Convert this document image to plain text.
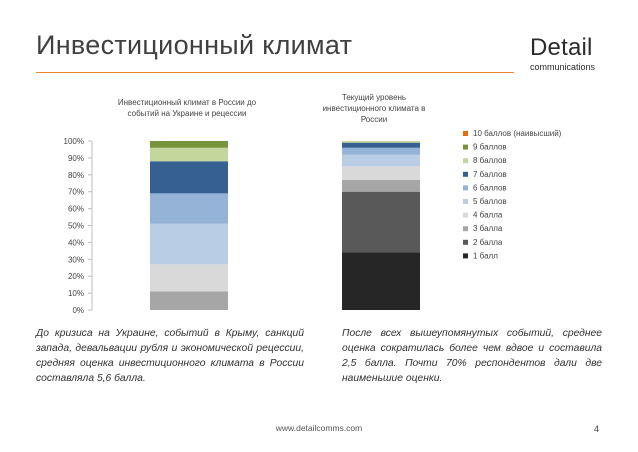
Инвестиционный климат	Detail
communications
Инвестиционный климат в России до событий на Украине и рецессии
Текущий уровень инвестиционного климата в России
0%
10%
20%
30%
40%
50%
60%
70%
80%
90%
100%
10 баллов (наивысший)
9 баллов
8 баллов
7 баллов
6 баллов
5 баллов
4 балла
3 балла
2 балла
1 балл
До кризиса на Украине, событий в Крыму, санкций запада, девальвации рубля и экономической рецессии, средняя оценка инвестиционного климата в России составляла 5,6 балла.
После всех вышеупомянутых событий, среднее оценка сократилась более чем вдвое и составила 2,5 балла. Почти 70% респондентов дали две наименьшие оценки.
www.detailcomms.com	4
